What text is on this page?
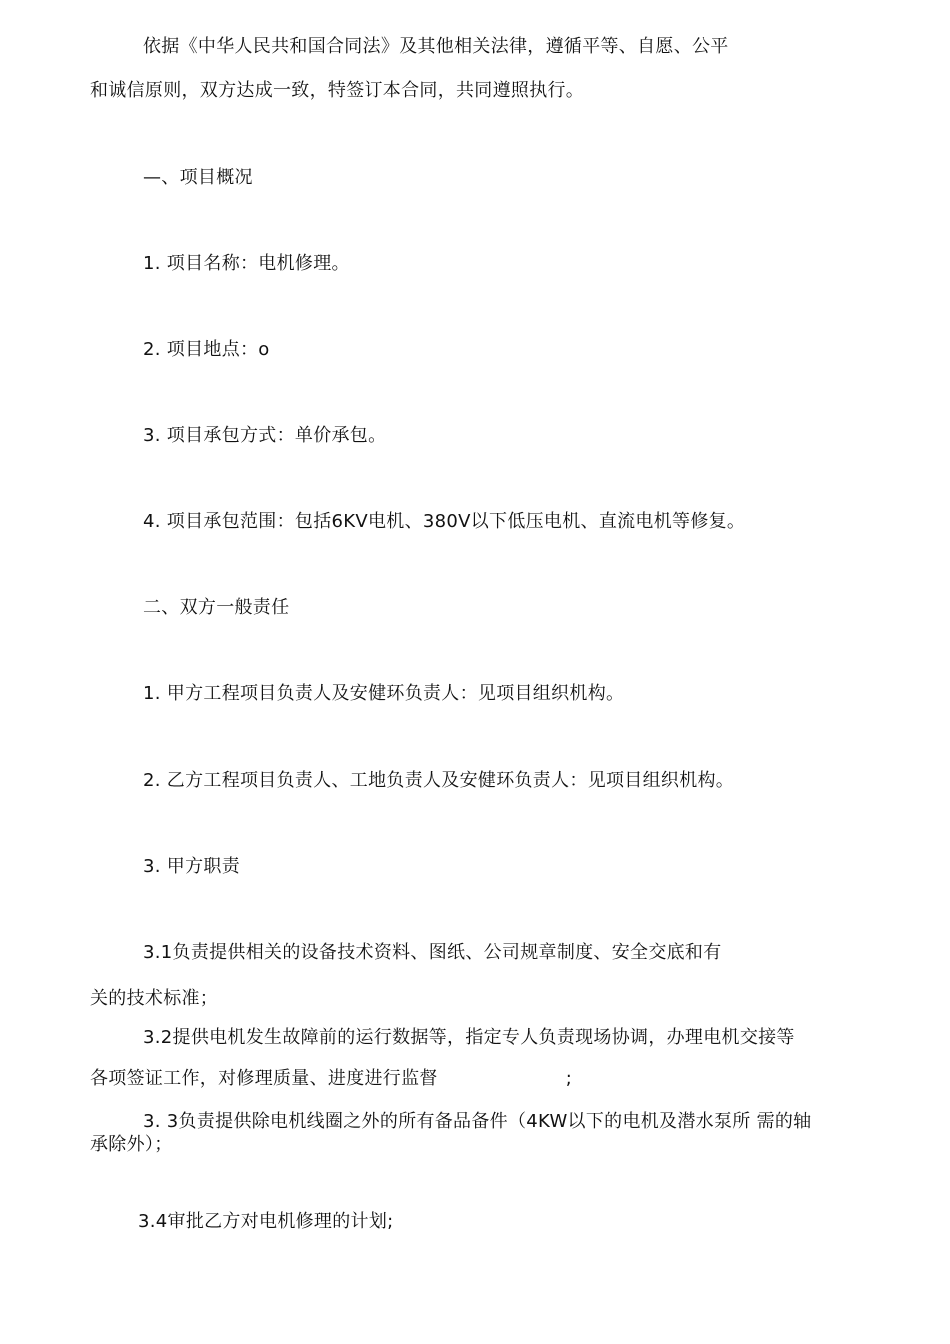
依据《中华人民共和国合同法》及其他相关法律，遵循平等、自愿、公平
和诚信原则，双方达成一致，特签订本合同，共同遵照执行。
—、项目概况
1. 项目名称：电机修理。
2. 项目地点：o
3. 项目承包方式：单价承包。
4. 项目承包范围：包括6KV电机、380V以下低压电机、直流电机等修复。
二、双方一般责任
1. 甲方工程项目负责人及安健环负责人：见项目组织机构。
2. 乙方工程项目负责人、工地负责人及安健环负责人：见项目组织机构。
3. 甲方职责
3.1负责提供相关的设备技术资料、图纸、公司规章制度、安全交底和有
关的技术标准；
3.2提供电机发生故障前的运行数据等，指定专人负责现场协调，办理电机交接等
各项签证工作，对修理质量、进度进行监督	;
3. 3负责提供除电机线圈之外的所有备品备件（4KW以下的电机及潜水泵所 需的轴
承除外）；
3.4审批乙方对电机修理的计划;
